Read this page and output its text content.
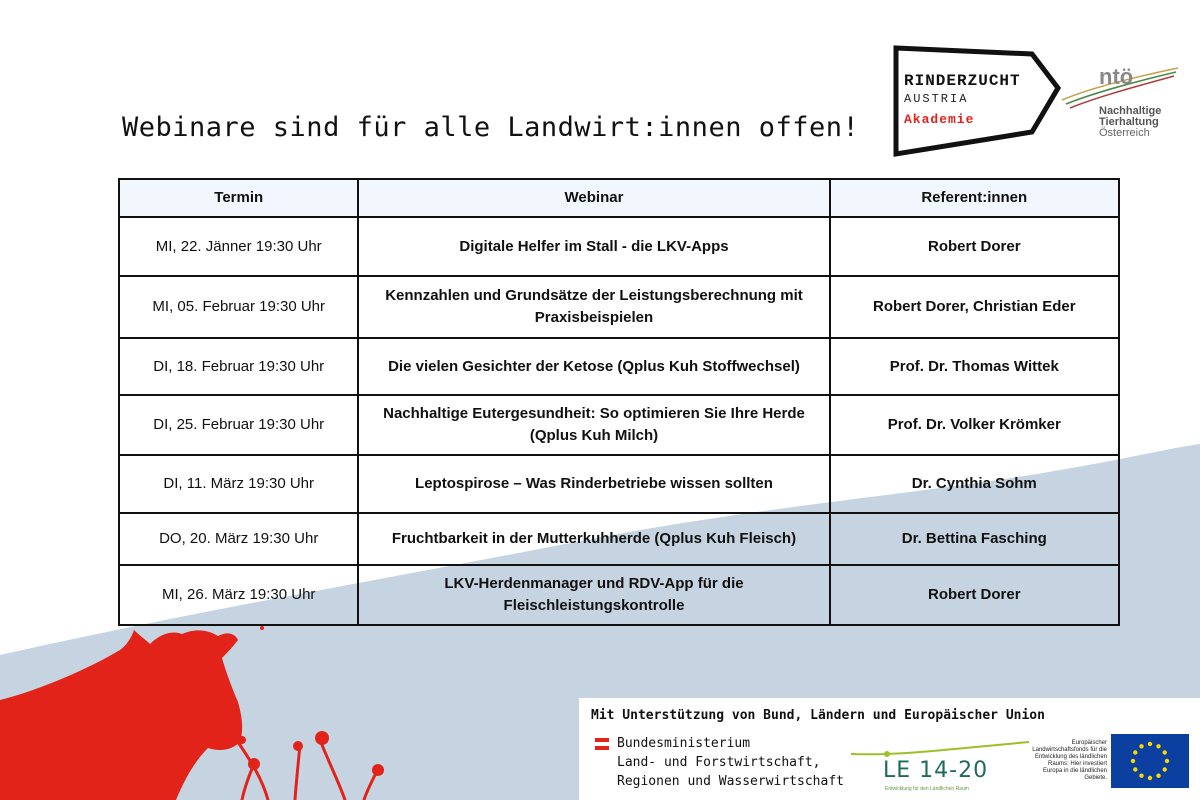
Webinare sind für alle Landwirt:innen offen!
RINDERZUCHT
AUSTRIA
Akademie
ntö
Nachhaltige
Tierhaltung
Österreich
Termin	Webinar	Referent:innen
MI, 22. Jänner 19:30 Uhr	Digitale Helfer im Stall - die LKV-Apps	Robert Dorer
MI, 05. Februar 19:30 Uhr	Kennzahlen und Grundsätze der Leistungsberechnung mit Praxisbeispielen	Robert Dorer, Christian Eder
DI, 18. Februar 19:30 Uhr	Die vielen Gesichter der Ketose (Qplus Kuh Stoffwechsel)	Prof. Dr. Thomas Wittek
DI, 25. Februar 19:30 Uhr	Nachhaltige Eutergesundheit: So optimieren Sie Ihre Herde (Qplus Kuh Milch)	Prof. Dr. Volker Krömker
DI, 11. März 19:30 Uhr	Leptospirose – Was Rinderbetriebe wissen sollten	Dr. Cynthia Sohm
DO, 20. März 19:30 Uhr	Fruchtbarkeit in der Mutterkuhherde (Qplus Kuh Fleisch)	Dr. Bettina Fasching
MI, 26. März 19:30 Uhr	LKV-Herdenmanager und RDV-App für die Fleischleistungskontrolle	Robert Dorer
Mit Unterstützung von Bund, Ländern und Europäischer Union
Bundesministerium
Land- und Forstwirtschaft,
Regionen und Wasserwirtschaft LE 14-20
Entwicklung für den Ländlichen Raum
Europäischer Landwirtschaftsfonds für die Entwicklung des ländlichen Raums: Hier investiert Europa in die ländlichen Gebiete.
